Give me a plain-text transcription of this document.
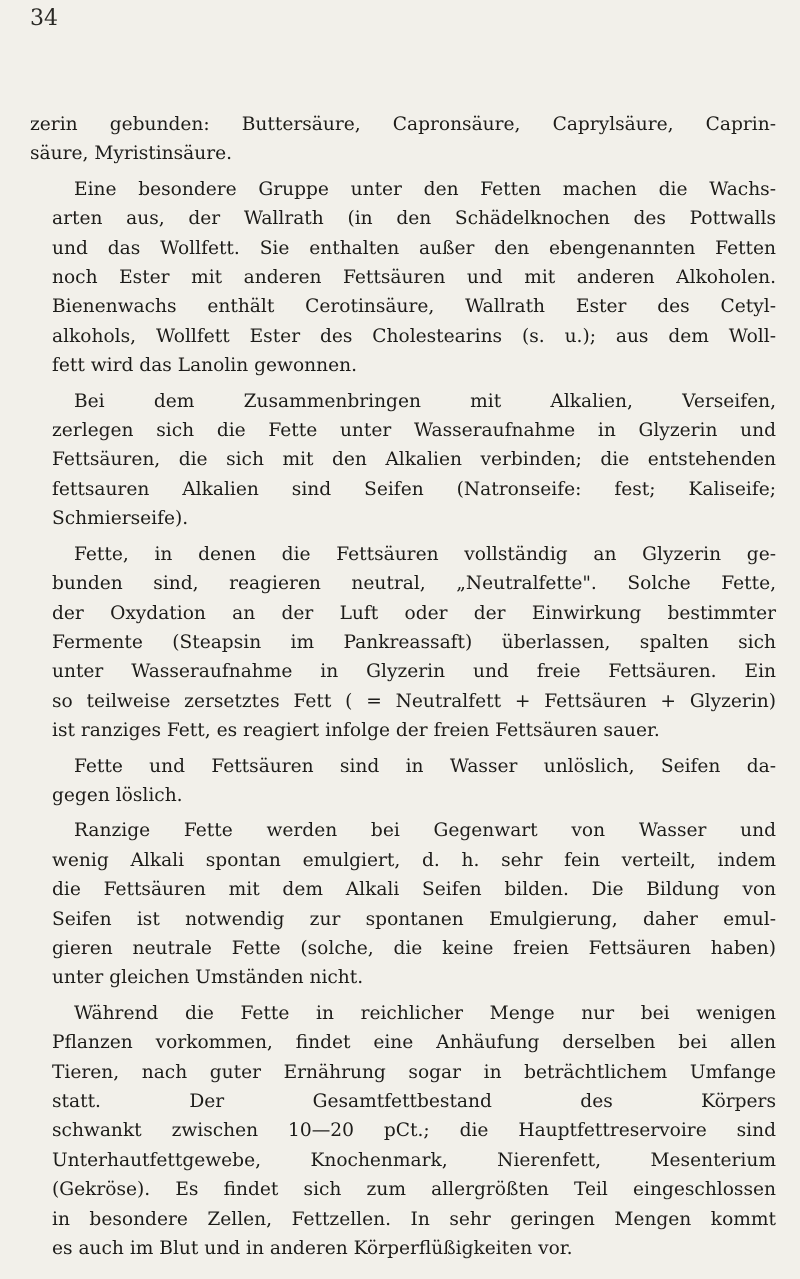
34
zerin gebunden: Buttersäure, Capronsäure, Caprylsäure, Caprin-
säure, Myristinsäure.
Eine besondere Gruppe unter den Fetten machen die Wachs-
arten aus, der Wallrath (in den Schädelknochen des Pottwalls
und das Wollfett. Sie enthalten außer den ebengenannten Fetten
noch Ester mit anderen Fettsäuren und mit anderen Alkoholen.
Bienenwachs enthält Cerotinsäure, Wallrath Ester des Cetyl-
alkohols, Wollfett Ester des Cholestearins (s. u.); aus dem Woll-
fett wird das Lanolin gewonnen.
Bei dem Zusammenbringen mit Alkalien, Verseifen,
zerlegen sich die Fette unter Wasseraufnahme in Glyzerin und
Fettsäuren, die sich mit den Alkalien verbinden; die entstehenden
fettsauren Alkalien sind Seifen (Natronseife: fest; Kaliseife;
Schmierseife).
Fette, in denen die Fettsäuren vollständig an Glyzerin ge-
bunden sind, reagieren neutral, „Neutralfette". Solche Fette,
der Oxydation an der Luft oder der Einwirkung bestimmter
Fermente (Steapsin im Pankreassaft) überlassen, spalten sich
unter Wasseraufnahme in Glyzerin und freie Fettsäuren. Ein
so teilweise zersetztes Fett ( = Neutralfett + Fettsäuren + Glyzerin)
ist ranziges Fett, es reagiert infolge der freien Fettsäuren sauer.
Fette und Fettsäuren sind in Wasser unlöslich, Seifen da-
gegen löslich.
Ranzige Fette werden bei Gegenwart von Wasser und
wenig Alkali spontan emulgiert, d. h. sehr fein verteilt, indem
die Fettsäuren mit dem Alkali Seifen bilden. Die Bildung von
Seifen ist notwendig zur spontanen Emulgierung, daher emul-
gieren neutrale Fette (solche, die keine freien Fettsäuren haben)
unter gleichen Umständen nicht.
Während die Fette in reichlicher Menge nur bei wenigen
Pflanzen vorkommen, findet eine Anhäufung derselben bei allen
Tieren, nach guter Ernährung sogar in beträchtlichem Umfange
statt. Der Gesamtfettbestand des Körpers
schwankt zwischen 10—20 pCt.; die Hauptfettreservoire sind
Unterhautfettgewebe, Knochenmark, Nierenfett, Mesenterium
(Gekröse). Es findet sich zum allergrößten Teil eingeschlossen
in besondere Zellen, Fettzellen. In sehr geringen Mengen kommt
es auch im Blut und in anderen Körperflüßigkeiten vor.
